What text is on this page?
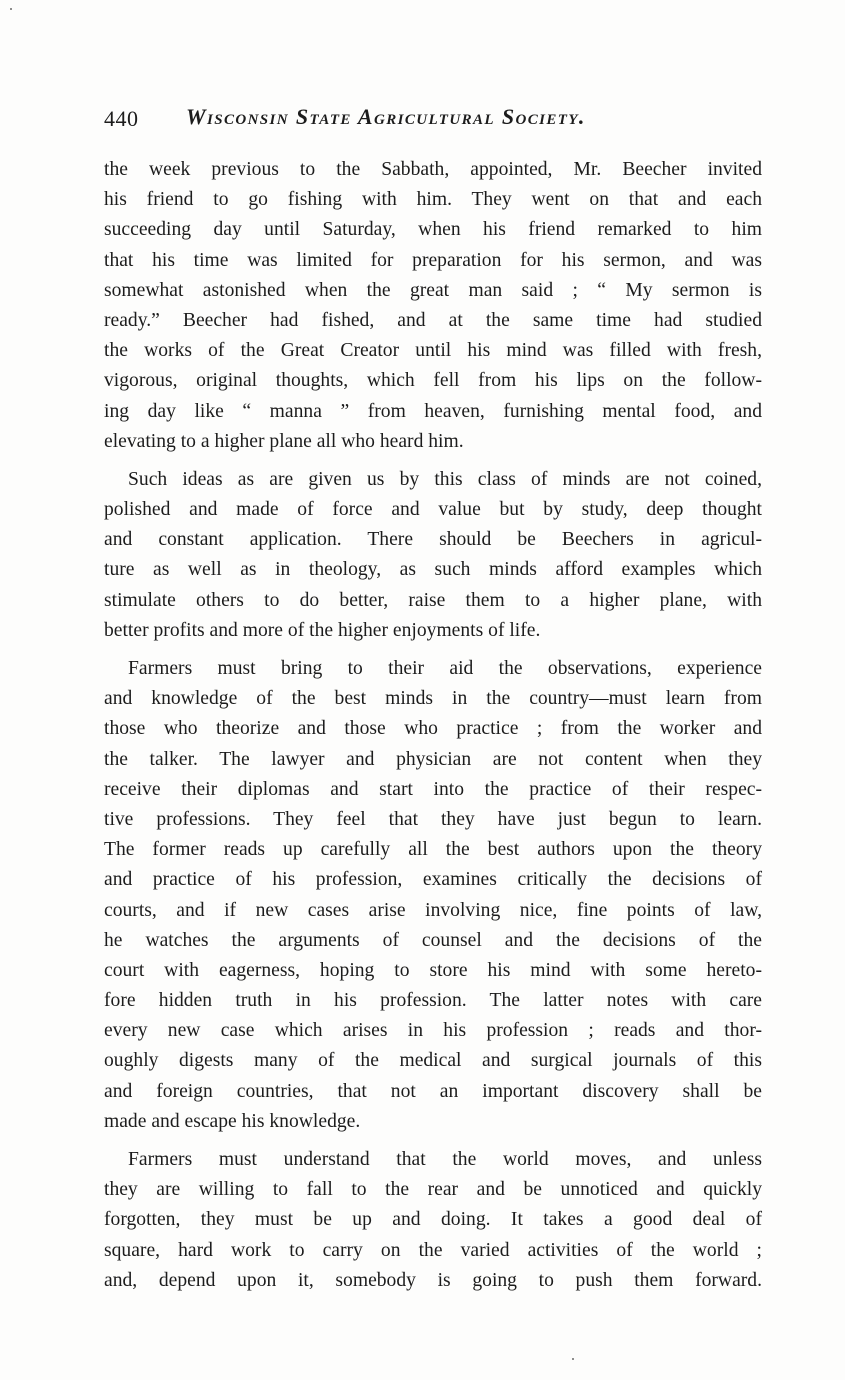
440 Wisconsin State Agricultural Society.
the week previous to the Sabbath, appointed, Mr. Beecher invited
his friend to go fishing with him. They went on that and each
succeeding day until Saturday, when his friend remarked to him
that his time was limited for preparation for his sermon, and was
somewhat astonished when the great man said ; “ My sermon is
ready.” Beecher had fished, and at the same time had studied
the works of the Great Creator until his mind was filled with fresh,
vigorous, original thoughts, which fell from his lips on the follow-
ing day like “ manna ” from heaven, furnishing mental food, and
elevating to a higher plane all who heard him.
Such ideas as are given us by this class of minds are not coined,
polished and made of force and value but by study, deep thought
and constant application. There should be Beechers in agricul-
ture as well as in theology, as such minds afford examples which
stimulate others to do better, raise them to a higher plane, with
better profits and more of the higher enjoyments of life.
Farmers must bring to their aid the observations, experience
and knowledge of the best minds in the country—must learn from
those who theorize and those who practice ; from the worker and
the talker. The lawyer and physician are not content when they
receive their diplomas and start into the practice of their respec-
tive professions. They feel that they have just begun to learn.
The former reads up carefully all the best authors upon the theory
and practice of his profession, examines critically the decisions of
courts, and if new cases arise involving nice, fine points of law,
he watches the arguments of counsel and the decisions of the
court with eagerness, hoping to store his mind with some hereto-
fore hidden truth in his profession. The latter notes with care
every new case which arises in his profession ; reads and thor-
oughly digests many of the medical and surgical journals of this
and foreign countries, that not an important discovery shall be
made and escape his knowledge.
Farmers must understand that the world moves, and unless
they are willing to fall to the rear and be unnoticed and quickly
forgotten, they must be up and doing. It takes a good deal of
square, hard work to carry on the varied activities of the world ;
and, depend upon it, somebody is going to push them forward.
